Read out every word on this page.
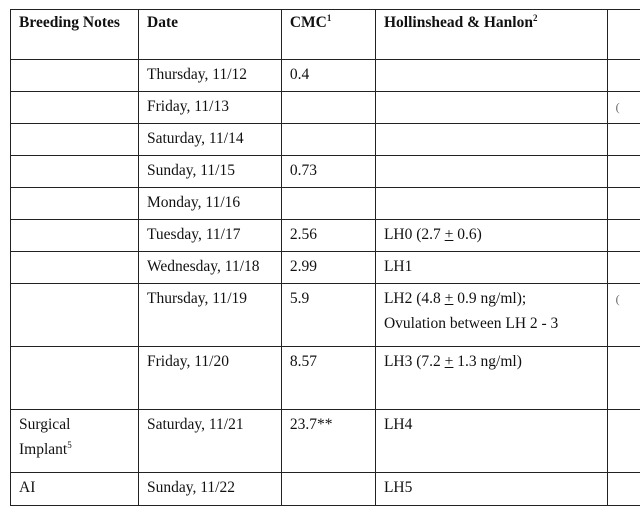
Breeding Notes	Date	CMC$^1$	Hollinshead & Hanlon$^2$	
	Thursday, 11/12	0.4		
	Friday, 11/13			(
	Saturday, 11/14			
	Sunday, 11/15	0.73		
	Monday, 11/16			
	Tuesday, 11/17	2.56	LH0 (2.7 + 0.6)	
	Wednesday, 11/18	2.99	LH1	
	Thursday, 11/19	5.9	LH2 (4.8 + 0.9 ng/ml);
Ovulation between LH 2 - 3	(
	Friday, 11/20	8.57	LH3 (7.2 + 1.3 ng/ml)	

Surgical
Implant$^5$	Saturday, 11/21	23.7**	LH4	
AI	Sunday, 11/22		LH5	
